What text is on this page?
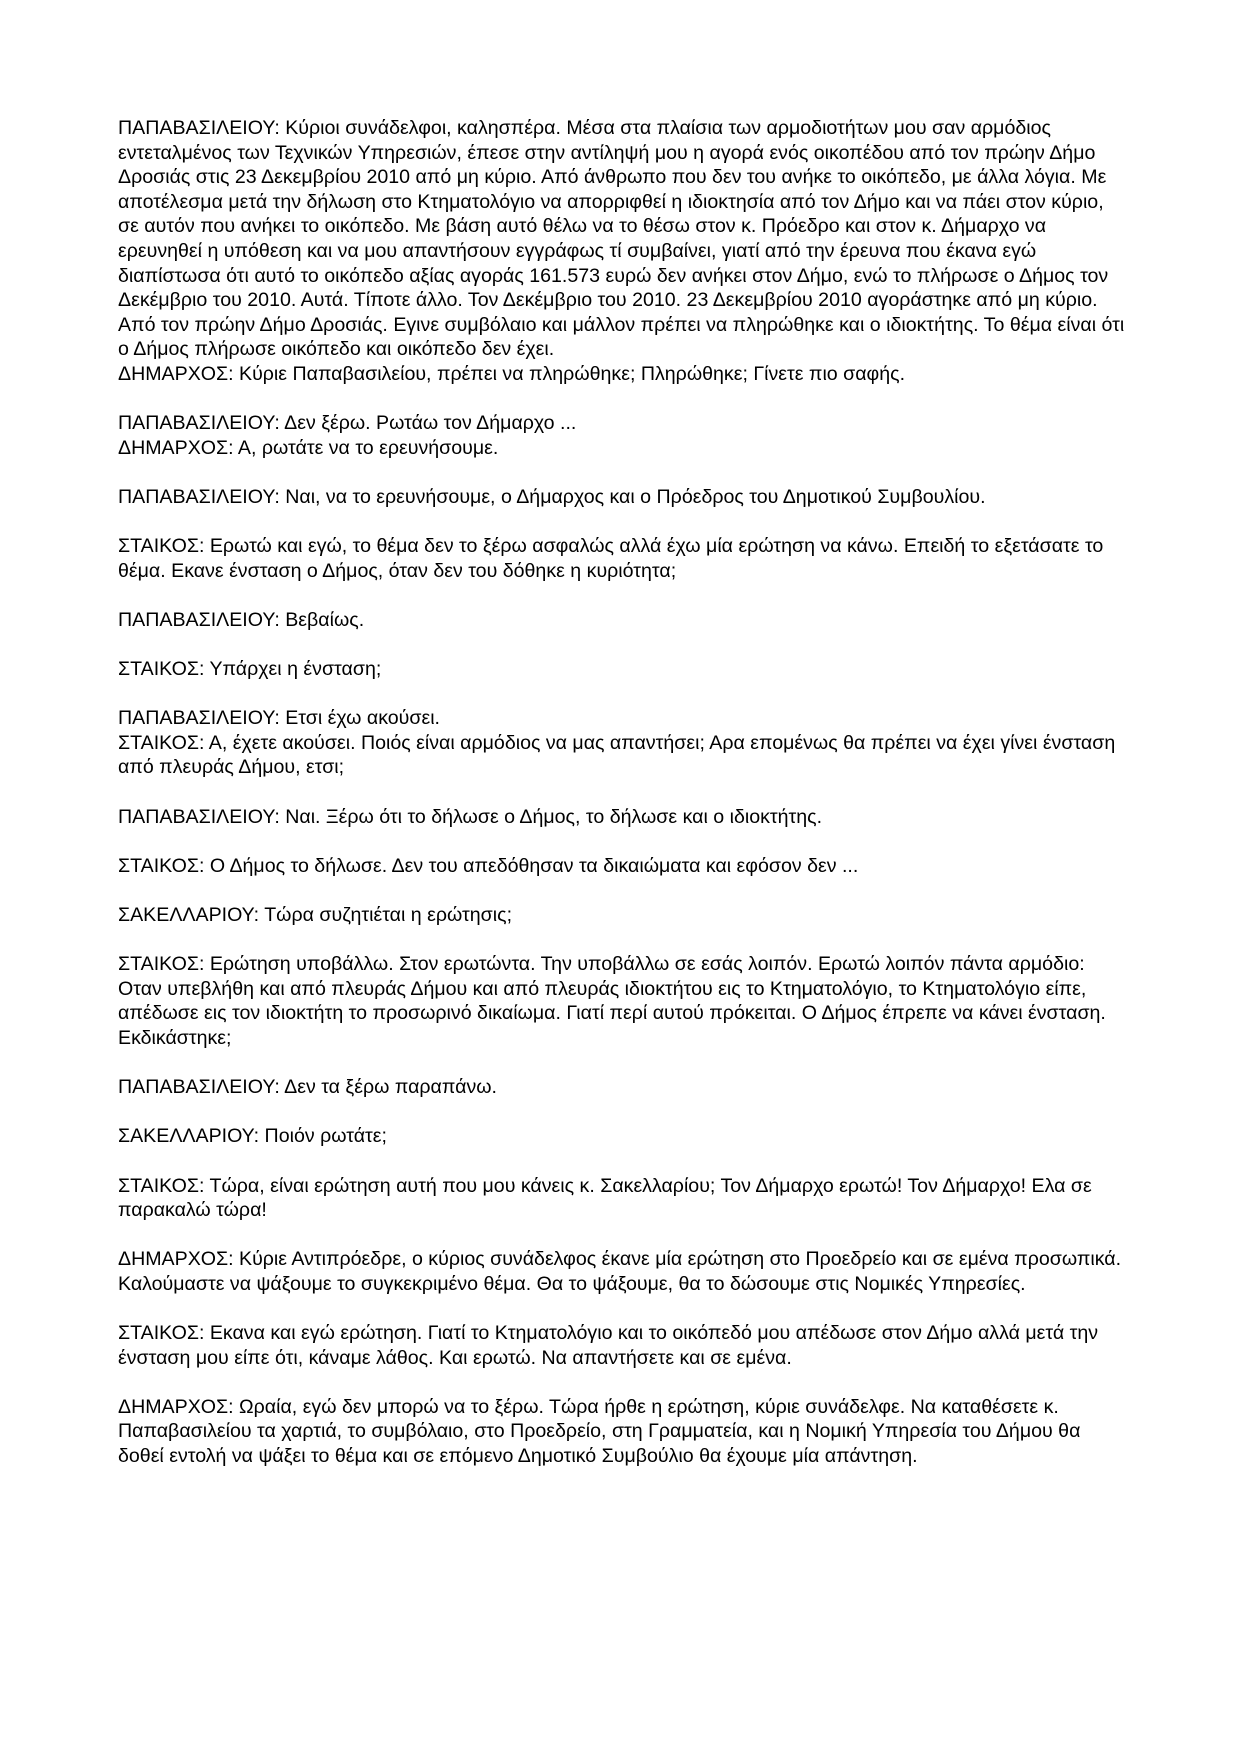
ΠΑΠΑΒΑΣΙΛΕΙΟΥ: Κύριοι συνάδελφοι, καλησπέρα. Μέσα στα πλαίσια των αρμοδιοτήτων μου σαν αρμόδιος εντεταλμένος των Τεχνικών Υπηρεσιών, έπεσε στην αντίληψή μου η αγορά ενός οικοπέδου από τον πρώην Δήμο Δροσιάς στις 23 Δεκεμβρίου 2010 από μη κύριο. Από άνθρωπο που δεν του ανήκε το οικόπεδο, με άλλα λόγια. Με αποτέλεσμα μετά την δήλωση στο Κτηματολόγιο να απορριφθεί η ιδιοκτησία από τον Δήμο και να πάει στον κύριο, σε αυτόν που ανήκει το οικόπεδο. Με βάση αυτό θέλω να το θέσω στον κ. Πρόεδρο και στον κ. Δήμαρχο να ερευνηθεί η υπόθεση και να μου απαντήσουν εγγράφως τί συμβαίνει, γιατί από την έρευνα που έκανα εγώ διαπίστωσα ότι αυτό το οικόπεδο αξίας αγοράς 161.573 ευρώ δεν ανήκει στον Δήμο, ενώ το πλήρωσε ο Δήμος τον Δεκέμβριο του 2010. Αυτά. Τίποτε άλλο. Τον Δεκέμβριο του 2010. 23 Δεκεμβρίου 2010 αγοράστηκε από μη κύριο. Από τον πρώην Δήμο Δροσιάς. Εγινε συμβόλαιο και μάλλον πρέπει να πληρώθηκε και ο ιδιοκτήτης. Το θέμα είναι ότι ο Δήμος πλήρωσε οικόπεδο και οικόπεδο δεν έχει.

ΔΗΜΑΡΧΟΣ: Κύριε Παπαβασιλείου, πρέπει να πληρώθηκε; Πληρώθηκε; Γίνετε πιο σαφής.

ΠΑΠΑΒΑΣΙΛΕΙΟΥ: Δεν ξέρω. Ρωτάω τον Δήμαρχο ...

ΔΗΜΑΡΧΟΣ: Α, ρωτάτε να το ερευνήσουμε.

ΠΑΠΑΒΑΣΙΛΕΙΟΥ: Ναι, να το ερευνήσουμε, ο Δήμαρχος και ο Πρόεδρος του Δημοτικού Συμβουλίου.

ΣΤΑΙΚΟΣ: Ερωτώ και εγώ, το θέμα δεν το ξέρω ασφαλώς αλλά έχω μία ερώτηση να κάνω. Επειδή το εξετάσατε το θέμα. Εκανε ένσταση ο Δήμος, όταν δεν του δόθηκε η κυριότητα;

ΠΑΠΑΒΑΣΙΛΕΙΟΥ: Βεβαίως.

ΣΤΑΙΚΟΣ: Υπάρχει η ένσταση;

ΠΑΠΑΒΑΣΙΛΕΙΟΥ: Ετσι έχω ακούσει.

ΣΤΑΙΚΟΣ: Α, έχετε ακούσει. Ποιός είναι αρμόδιος να μας απαντήσει; Αρα επομένως θα πρέπει να έχει γίνει ένσταση από πλευράς Δήμου, ετσι;

ΠΑΠΑΒΑΣΙΛΕΙΟΥ: Ναι. Ξέρω ότι το δήλωσε ο Δήμος, το δήλωσε και ο ιδιοκτήτης.

ΣΤΑΙΚΟΣ: Ο Δήμος το δήλωσε. Δεν του απεδόθησαν τα δικαιώματα και εφόσον δεν ...

ΣΑΚΕΛΛΑΡΙΟΥ: Τώρα συζητιέται η ερώτησις;

ΣΤΑΙΚΟΣ: Ερώτηση υποβάλλω. Στον ερωτώντα. Την υποβάλλω σε εσάς λοιπόν. Ερωτώ λοιπόν πάντα αρμόδιο: Οταν υπεβλήθη και από πλευράς Δήμου και από πλευράς ιδιοκτήτου εις το Κτηματολόγιο, το Κτηματολόγιο είπε, απέδωσε εις τον ιδιοκτήτη το προσωρινό δικαίωμα. Γιατί περί αυτού πρόκειται. Ο Δήμος έπρεπε να κάνει ένσταση. Εκδικάστηκε;

ΠΑΠΑΒΑΣΙΛΕΙΟΥ: Δεν τα ξέρω παραπάνω.

ΣΑΚΕΛΛΑΡΙΟΥ: Ποιόν ρωτάτε;

ΣΤΑΙΚΟΣ: Τώρα, είναι ερώτηση αυτή που μου κάνεις κ. Σακελλαρίου; Τον Δήμαρχο ερωτώ! Τον Δήμαρχο! Ελα σε παρακαλώ τώρα!

ΔΗΜΑΡΧΟΣ: Κύριε Αντιπρόεδρε, ο κύριος συνάδελφος έκανε μία ερώτηση στο Προεδρείο και σε εμένα προσωπικά. Καλούμαστε να ψάξουμε το συγκεκριμένο θέμα. Θα το ψάξουμε, θα το δώσουμε στις Νομικές Υπηρεσίες.

ΣΤΑΙΚΟΣ: Εκανα και εγώ ερώτηση. Γιατί το Κτηματολόγιο και το οικόπεδό μου απέδωσε στον Δήμο αλλά μετά την ένσταση μου είπε ότι, κάναμε λάθος. Και ερωτώ. Να απαντήσετε και σε εμένα.

ΔΗΜΑΡΧΟΣ: Ωραία, εγώ δεν μπορώ να το ξέρω. Τώρα ήρθε η ερώτηση, κύριε συνάδελφε. Να καταθέσετε κ. Παπαβασιλείου τα χαρτιά, το συμβόλαιο, στο Προεδρείο, στη Γραμματεία, και η Νομική Υπηρεσία του Δήμου θα δοθεί εντολή να ψάξει το θέμα και σε επόμενο Δημοτικό Συμβούλιο θα έχουμε μία απάντηση.
